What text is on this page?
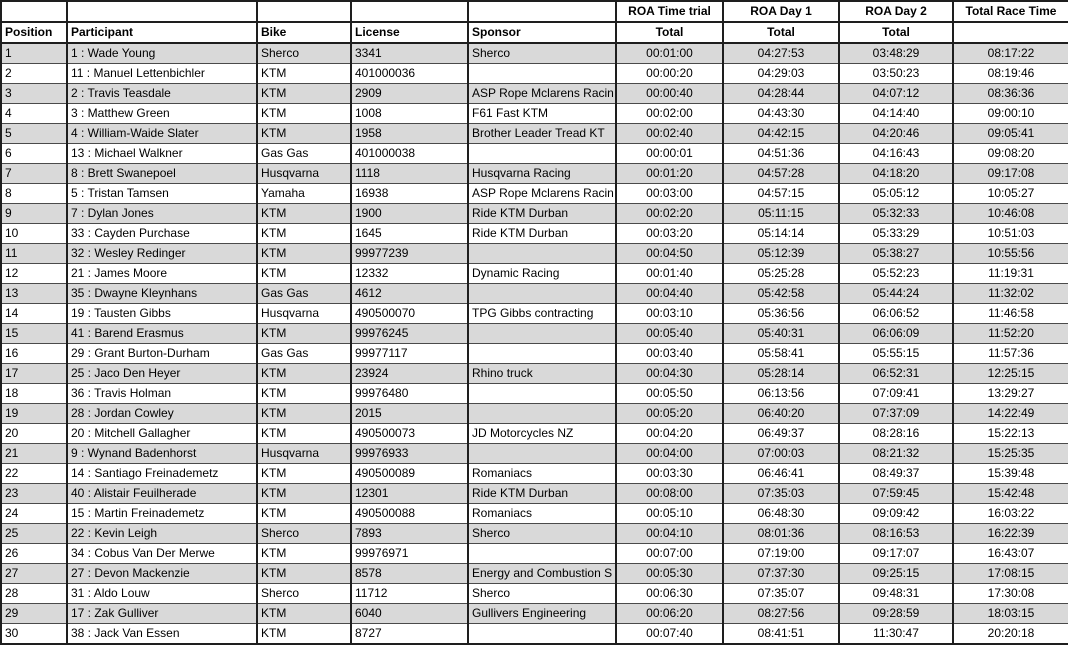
					ROA Time trial	ROA Day 1	ROA Day 2	Total Race Time
Position	Participant	Bike	License	Sponsor	Total	Total	Total	
1	1 : Wade Young	Sherco	3341	Sherco	00:01:00	04:27:53	03:48:29	08:17:22
2	11 : Manuel Lettenbichler	KTM	401000036		00:00:20	04:29:03	03:50:23	08:19:46
3	2 : Travis Teasdale	KTM	2909	ASP Rope Mclarens Racin	00:00:40	04:28:44	04:07:12	08:36:36
4	3 : Matthew Green	KTM	1008	F61 Fast KTM	00:02:00	04:43:30	04:14:40	09:00:10
5	4 : William-Waide Slater	KTM	1958	Brother Leader Tread KT	00:02:40	04:42:15	04:20:46	09:05:41
6	13 : Michael Walkner	Gas Gas	401000038		00:00:01	04:51:36	04:16:43	09:08:20
7	8 : Brett Swanepoel	Husqvarna	1118	Husqvarna Racing	00:01:20	04:57:28	04:18:20	09:17:08
8	5 : Tristan Tamsen	Yamaha	16938	ASP Rope Mclarens Racin	00:03:00	04:57:15	05:05:12	10:05:27
9	7 : Dylan Jones	KTM	1900	Ride KTM Durban	00:02:20	05:11:15	05:32:33	10:46:08
10	33 : Cayden Purchase	KTM	1645	Ride KTM Durban	00:03:20	05:14:14	05:33:29	10:51:03
11	32 : Wesley Redinger	KTM	99977239		00:04:50	05:12:39	05:38:27	10:55:56
12	21 : James Moore	KTM	12332	Dynamic Racing	00:01:40	05:25:28	05:52:23	11:19:31
13	35 : Dwayne Kleynhans	Gas Gas	4612		00:04:40	05:42:58	05:44:24	11:32:02
14	19 : Tausten Gibbs	Husqvarna	490500070	TPG Gibbs contracting	00:03:10	05:36:56	06:06:52	11:46:58
15	41 : Barend Erasmus	KTM	99976245		00:05:40	05:40:31	06:06:09	11:52:20
16	29 : Grant Burton-Durham	Gas Gas	99977117		00:03:40	05:58:41	05:55:15	11:57:36
17	25 : Jaco Den Heyer	KTM	23924	Rhino truck	00:04:30	05:28:14	06:52:31	12:25:15
18	36 : Travis Holman	KTM	99976480		00:05:50	06:13:56	07:09:41	13:29:27
19	28 : Jordan Cowley	KTM	2015		00:05:20	06:40:20	07:37:09	14:22:49
20	20 : Mitchell Gallagher	KTM	490500073	JD Motorcycles NZ	00:04:20	06:49:37	08:28:16	15:22:13
21	9 : Wynand Badenhorst	Husqvarna	99976933		00:04:00	07:00:03	08:21:32	15:25:35
22	14 : Santiago Freinademetz	KTM	490500089	Romaniacs	00:03:30	06:46:41	08:49:37	15:39:48
23	40 : Alistair Feuilherade	KTM	12301	Ride KTM Durban	00:08:00	07:35:03	07:59:45	15:42:48
24	15 : Martin Freinademetz	KTM	490500088	Romaniacs	00:05:10	06:48:30	09:09:42	16:03:22
25	22 : Kevin Leigh	Sherco	7893	Sherco	00:04:10	08:01:36	08:16:53	16:22:39
26	34 : Cobus Van Der Merwe	KTM	99976971		00:07:00	07:19:00	09:17:07	16:43:07
27	27 : Devon Mackenzie	KTM	8578	Energy and Combustion S	00:05:30	07:37:30	09:25:15	17:08:15
28	31 : Aldo Louw	Sherco	11712	Sherco	00:06:30	07:35:07	09:48:31	17:30:08
29	17 : Zak Gulliver	KTM	6040	Gullivers Engineering	00:06:20	08:27:56	09:28:59	18:03:15
30	38 : Jack Van Essen	KTM	8727		00:07:40	08:41:51	11:30:47	20:20:18
